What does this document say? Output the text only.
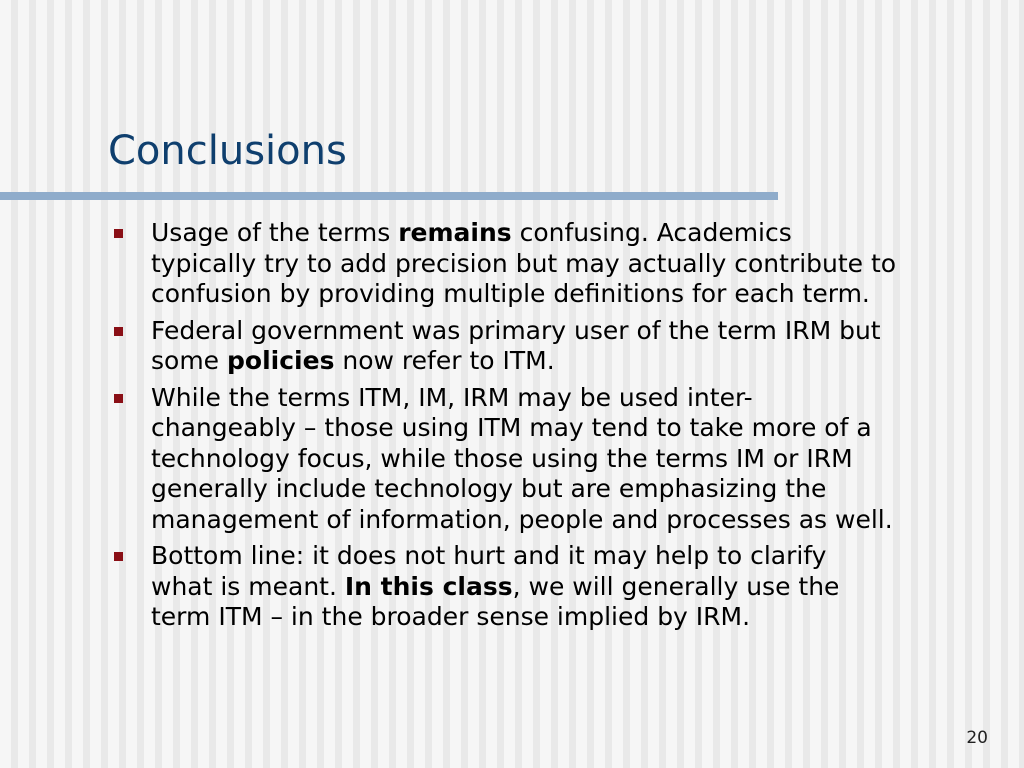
Conclusions
Usage of the terms remains confusing. Academics
typically try to add precision but may actually contribute to
confusion by providing multiple definitions for each term.
Federal government was primary user of the term IRM but
some policies now refer to ITM.
While the terms ITM, IM, IRM may be used inter-
changeably – those using ITM may tend to take more of a
technology focus, while those using the terms IM or IRM
generally include technology but are emphasizing the
management of information, people and processes as well.
Bottom line: it does not hurt and it may help to clarify
what is meant. In this class, we will generally use the
term ITM – in the broader sense implied by IRM.
20
